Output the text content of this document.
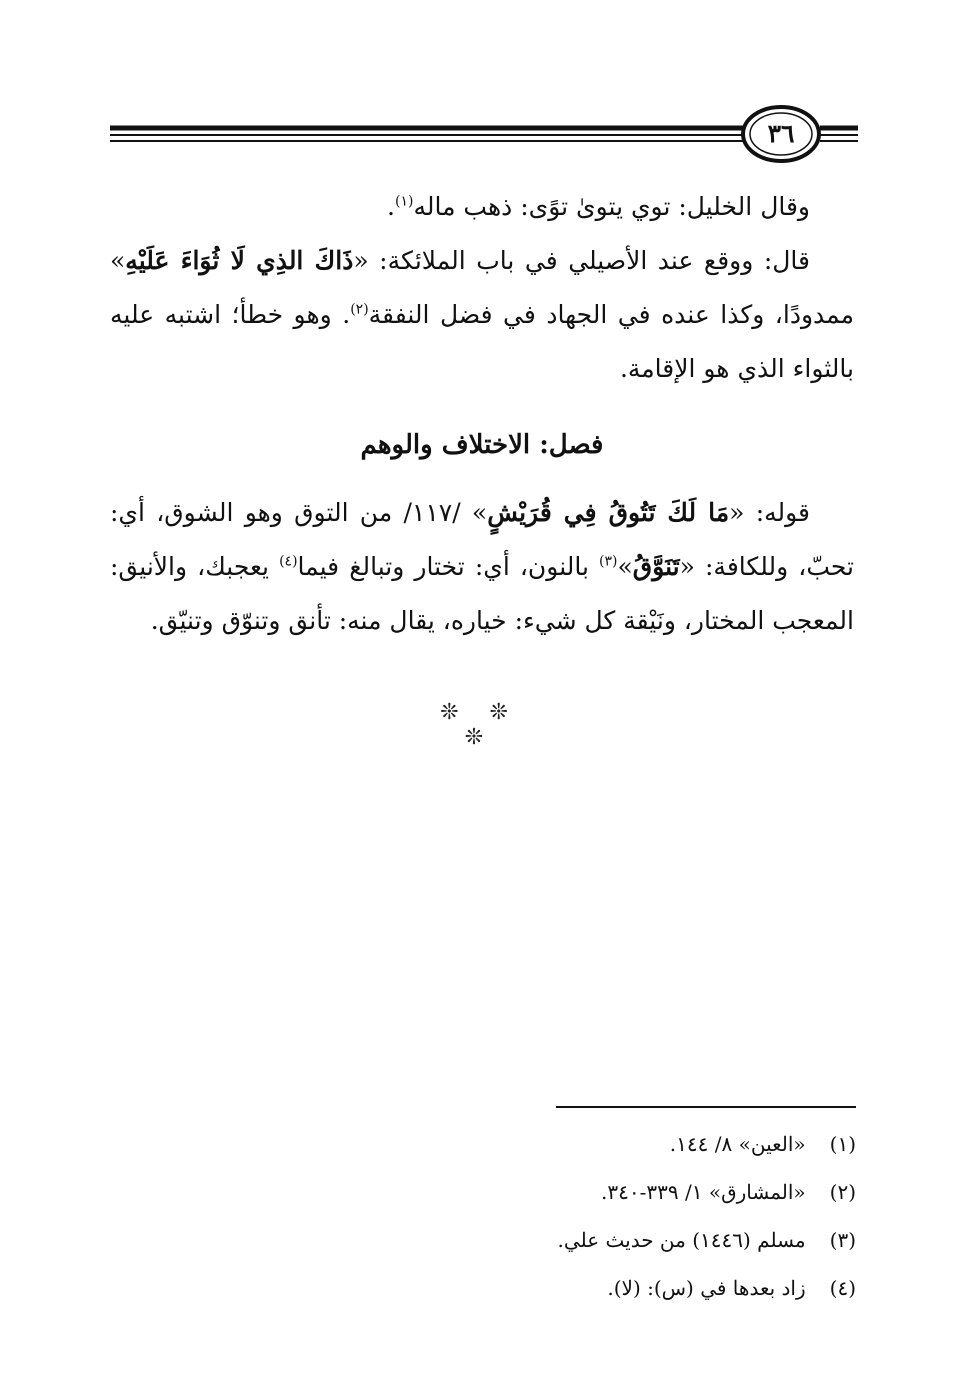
٣٦

وقال الخليل: توي يتوىٰ توًى: ذهب ماله$^{(١)}$.

قال: ووقع عند الأصيلي في باب الملائكة: «ذَاكَ الذِي لَا ثُوَاءَ عَلَيْهِ» ممدودًا، وكذا عنده في الجهاد في فضل النفقة$^{(٢)}$. وهو خطأ؛ اشتبه عليه بالثواء الذي هو الإقامة.

فصل: الاختلاف والوهم

قوله: «مَا لَكَ تَتُوقُ فِي قُرَيْشٍ» /١١٧/ من التوق وهو الشوق، أي: تحبّ، وللكافة: «تَنَوَّقُ»$^{(٣)}$ بالنون، أي: تختار وتبالغ فيما$^{(٤)}$ يعجبك، والأنيق: المعجب المختار، ونَيْقة كل شيء: خياره، يقال منه: تأنق وتنوّق وتنيّق.

❊ ❊ ❊
(١) «العين» ٨/ ١٤٤.
(٢) «المشارق» ١/ ٣٣٩-٣٤٠.
(٣) مسلم (١٤٤٦) من حديث علي.
(٤) زاد بعدها في (س): (لا).
